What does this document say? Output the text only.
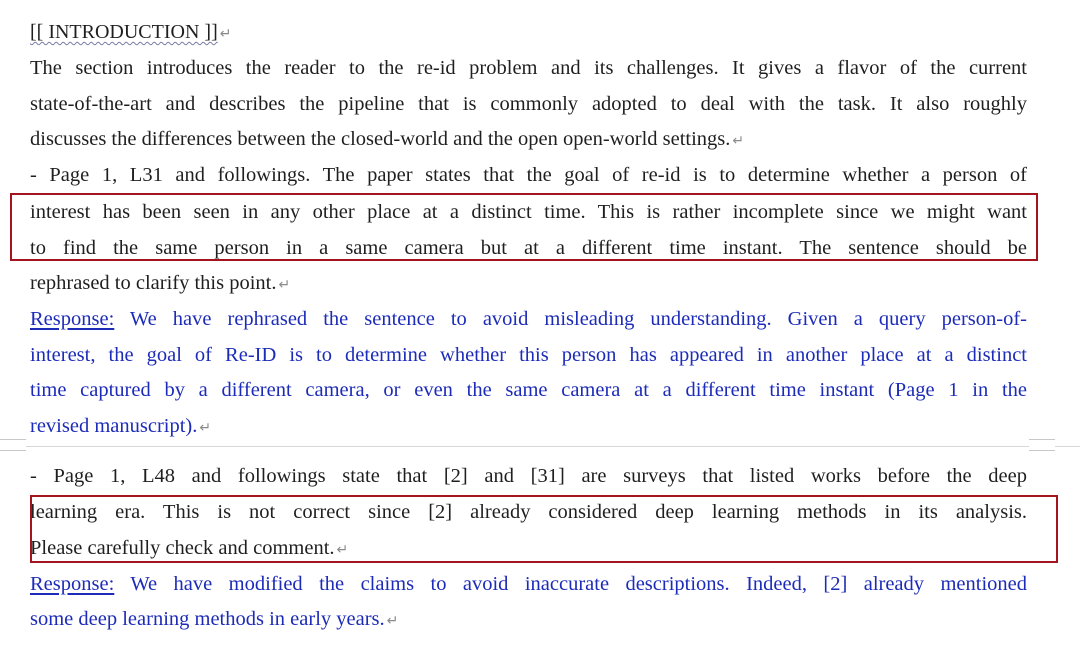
[[ INTRODUCTION ]] ↵
The section introduces the reader to the re-id problem and its challenges. It gives a flavor of the current
state-of-the-art and describes the pipeline that is commonly adopted to deal with the task. It also roughly
discusses the differences between the closed-world and the open open-world settings. ↵
- Page 1, L31 and followings. The paper states that the goal of re-id is to determine whether a person of
interest has been seen in any other place at a distinct time. This is rather incomplete since we might want
to find the same person in a same camera but at a different time instant. The sentence should be
rephrased to clarify this point. ↵
Response: We have rephrased the sentence to avoid misleading understanding. Given a query person-of-
interest, the goal of Re-ID is to determine whether this person has appeared in another place at a distinct
time captured by a different camera, or even the same camera at a different time instant (Page 1 in the
revised manuscript). ↵
- Page 1, L48 and followings state that [2] and [31] are surveys that listed works before the deep
learning era. This is not correct since [2] already considered deep learning methods in its analysis.
Please carefully check and comment. ↵
Response: We have modified the claims to avoid inaccurate descriptions. Indeed, [2] already mentioned
some deep learning methods in early years. ↵
